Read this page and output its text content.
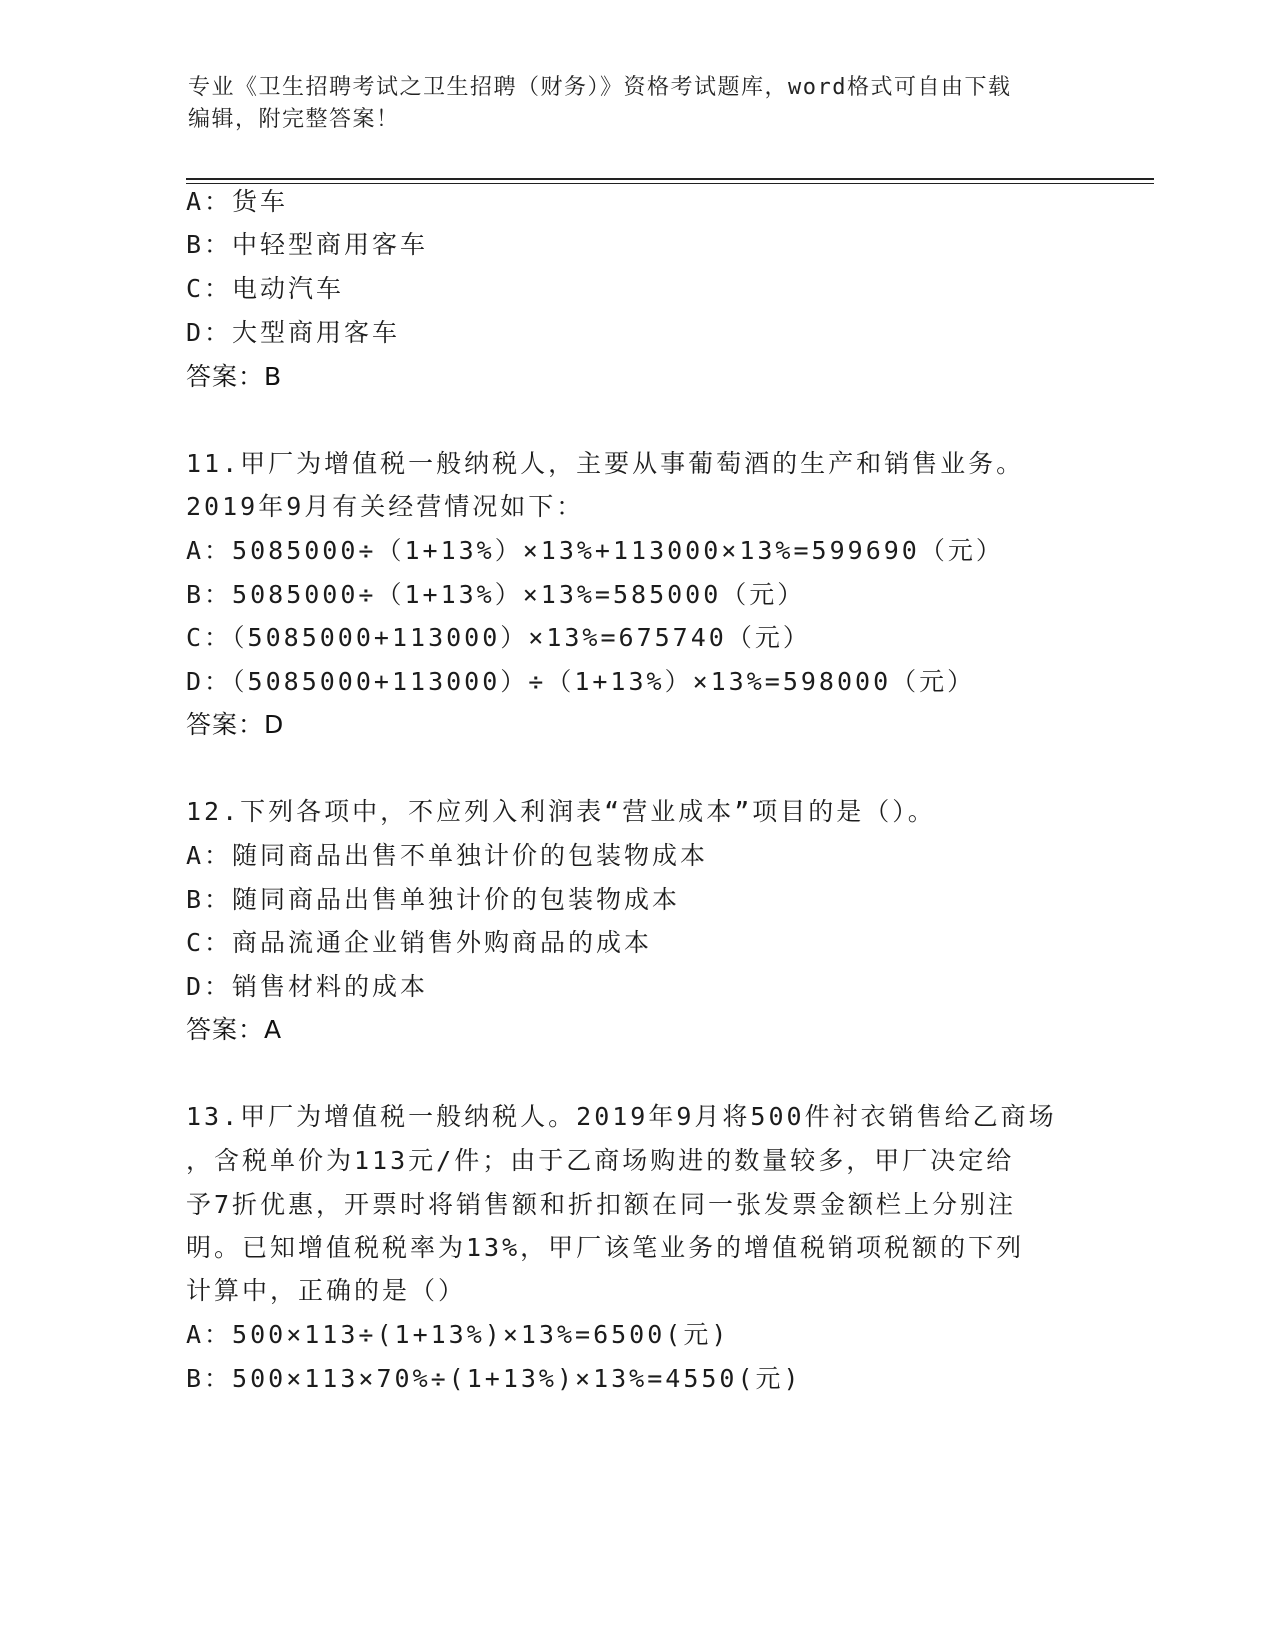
专业《卫生招聘考试之卫生招聘（财务）》资格考试题库，word格式可自由下载
编辑，附完整答案！
A：货车
B：中轻型商用客车
C：电动汽车
D：大型商用客车
答案：B
11.甲厂为增值税一般纳税人，主要从事葡萄酒的生产和销售业务。
2019年9月有关经营情况如下：
A：5085000÷（1+13%）×13%+113000×13%=599690（元）
B：5085000÷（1+13%）×13%=585000（元）
C：（5085000+113000）×13%=675740（元）
D：（5085000+113000）÷（1+13%）×13%=598000（元）
答案：D
12.下列各项中，不应列入利润表“营业成本”项目的是（）。
A：随同商品出售不单独计价的包装物成本
B：随同商品出售单独计价的包装物成本
C：商品流通企业销售外购商品的成本
D：销售材料的成本
答案：A
13.甲厂为增值税一般纳税人。2019年9月将500件衬衣销售给乙商场
，含税单价为113元/件；由于乙商场购进的数量较多，甲厂决定给
予7折优惠，开票时将销售额和折扣额在同一张发票金额栏上分别注
明。已知增值税税率为13%，甲厂该笔业务的增值税销项税额的下列
计算中，正确的是（）
A：500×113÷(1+13%)×13%=6500(元)
B：500×113×70%÷(1+13%)×13%=4550(元)
